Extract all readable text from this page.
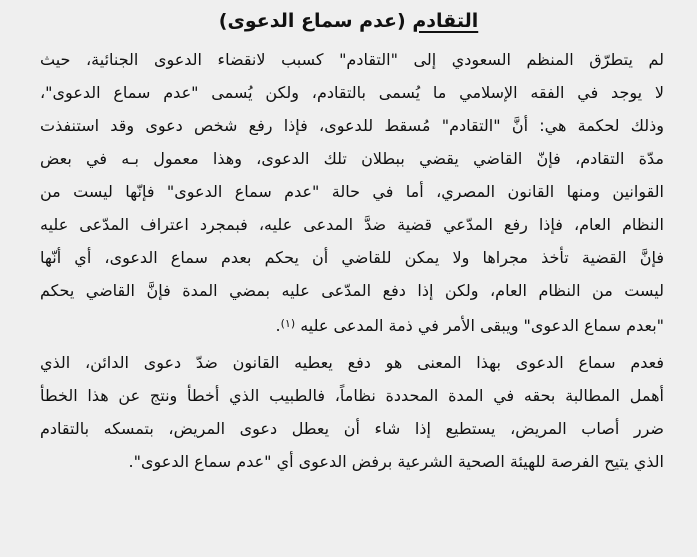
التقادم (عدم سماع الدعوى)
لم يتطرّق المنظم السعودي إلى "التقادم" كسبب لانقضاء الدعوى الجنائية، حيث
لا يوجد في الفقه الإسلامي ما يُسمى بالتقادم، ولكن يُسمى "عدم سماع الدعوى"،
وذلك لحكمة هي: أنَّ "التقادم" مُسقط للدعوى، فإذا رفع شخص دعوى وقد استنفذت
مدّة التقادم، فإنّ القاضي يقضي ببطلان تلك الدعوى، وهذا معمول بـه في بعض
القوانين ومنها القانون المصري، أما في حالة "عدم سماع الدعوى" فإنّها ليست من
النظام العام، فإذا رفع المدّعي قضية ضدَّ المدعى عليه، فبمجرد اعتراف المدّعى عليه
فإنَّ القضية تأخذ مجراها ولا يمكن للقاضي أن يحكم بعدم سماع الدعوى، أي أنّها
ليست من النظام العام، ولكن إذا دفع المدّعى عليه بمضي المدة فإنَّ القاضي يحكم
"بعدم سماع الدعوى" ويبقى الأمر في ذمة المدعى عليه $^{(١)}$.
فعدم سماع الدعوى بهذا المعنى هو دفع يعطيه القانون ضدّ دعوى الدائن، الذي
أهمل المطالبة بحقه في المدة المحددة نظاماً، فالطبيب الذي أخطأ ونتج عن هذا الخطأ
ضرر أصاب المريض، يستطيع إذا شاء أن يعطل دعوى المريض، بتمسكه بالتقادم
الذي يتيح الفرصة للهيئة الصحية الشرعية برفض الدعوى أي "عدم سماع الدعوى".
